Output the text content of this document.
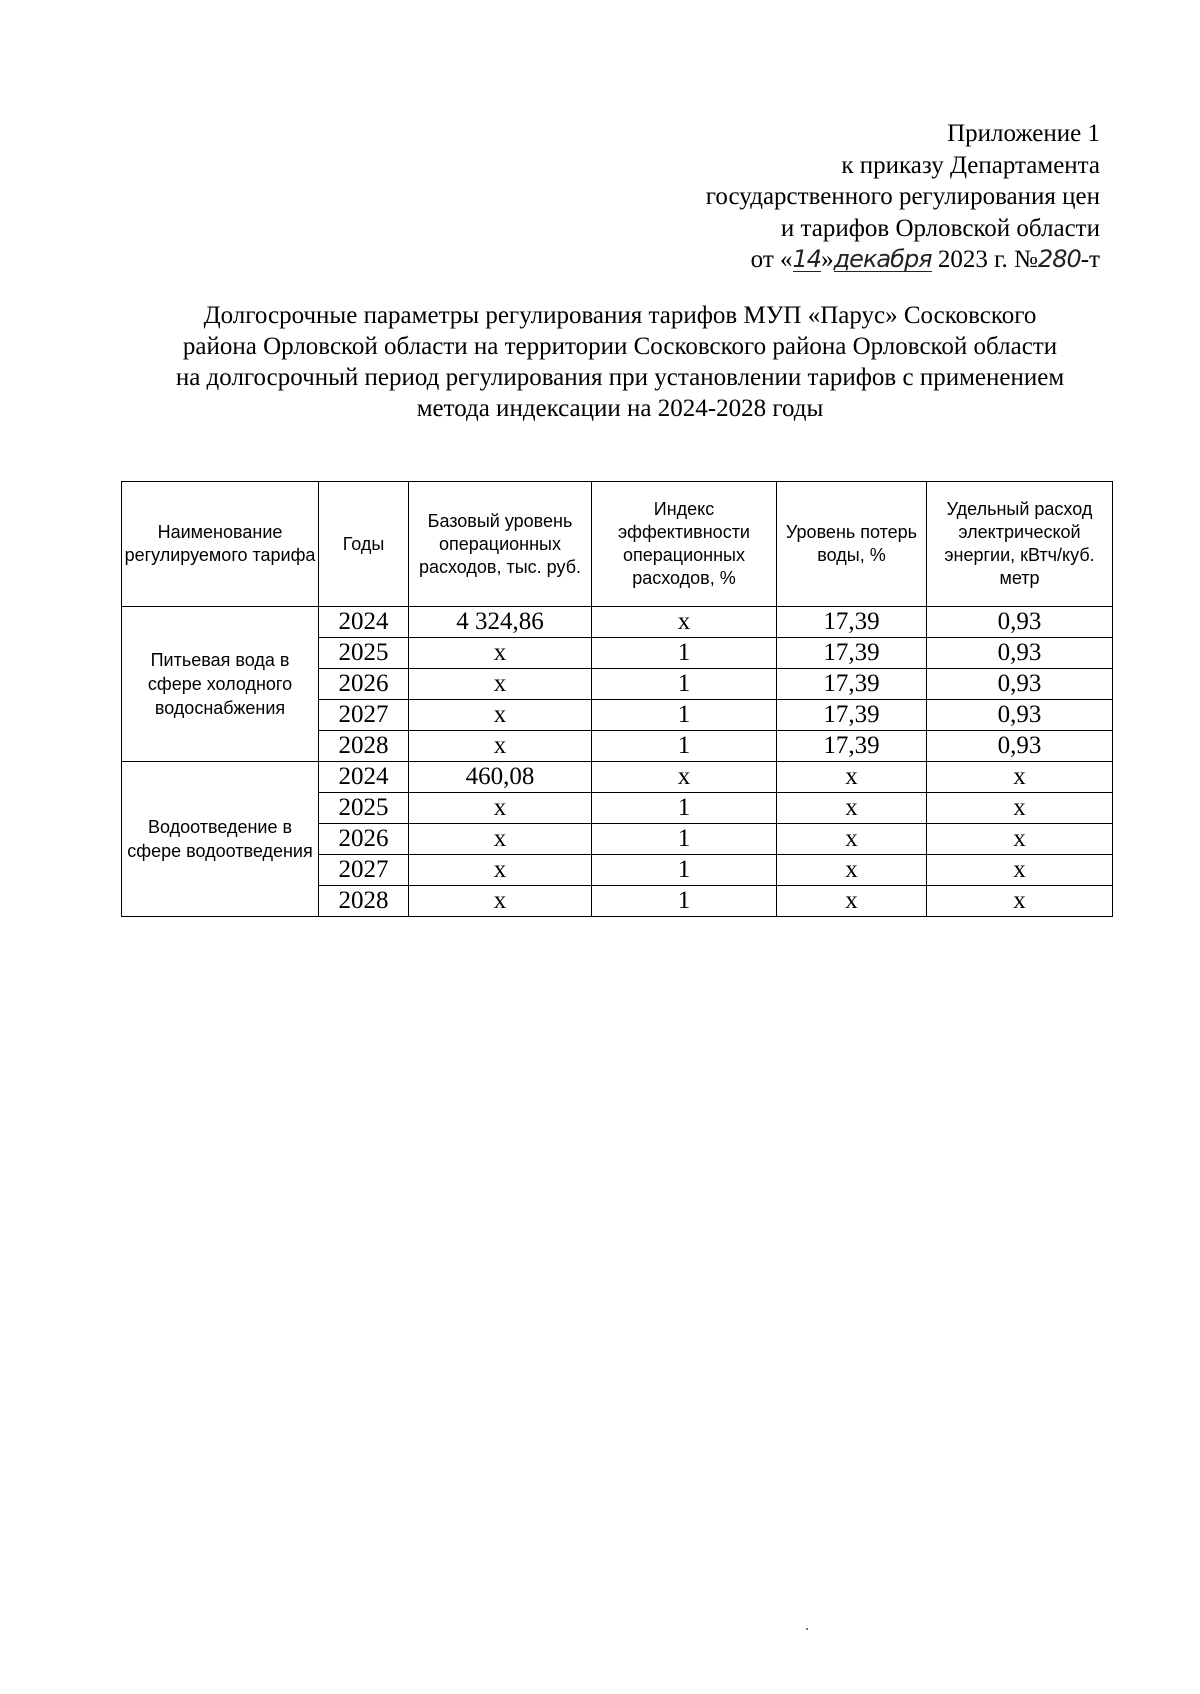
Приложение 1
к приказу Департамента
государственного регулирования цен
и тарифов Орловской области
от «14»декабря 2023 г. №280-т
Долгосрочные параметры регулирования тарифов МУП «Парус» Сосковского
района Орловской области на территории Сосковского района Орловской области
на долгосрочный период регулирования при установлении тарифов с применением
метода индексации на 2024-2028 годы
Наименование регулируемого тарифа	Годы	Базовый уровень операционных расходов, тыс. руб.	Индекс эффективности операционных расходов, %	Уровень потерь воды, %	Удельный расход электрической энергии, кВтч/куб. метр
Питьевая вода в сфере холодного водоснабжения	2024	4 324,86	х	17,39	0,93
	2025	х	1	17,39	0,93
	2026	х	1	17,39	0,93
	2027	х	1	17,39	0,93
	2028	х	1	17,39	0,93
Водоотведение в сфере водоотведения	2024	460,08	х	х	х
	2025	х	1	х	х
	2026	х	1	х	х
	2027	х	1	х	х
	2028	х	1	х	х
